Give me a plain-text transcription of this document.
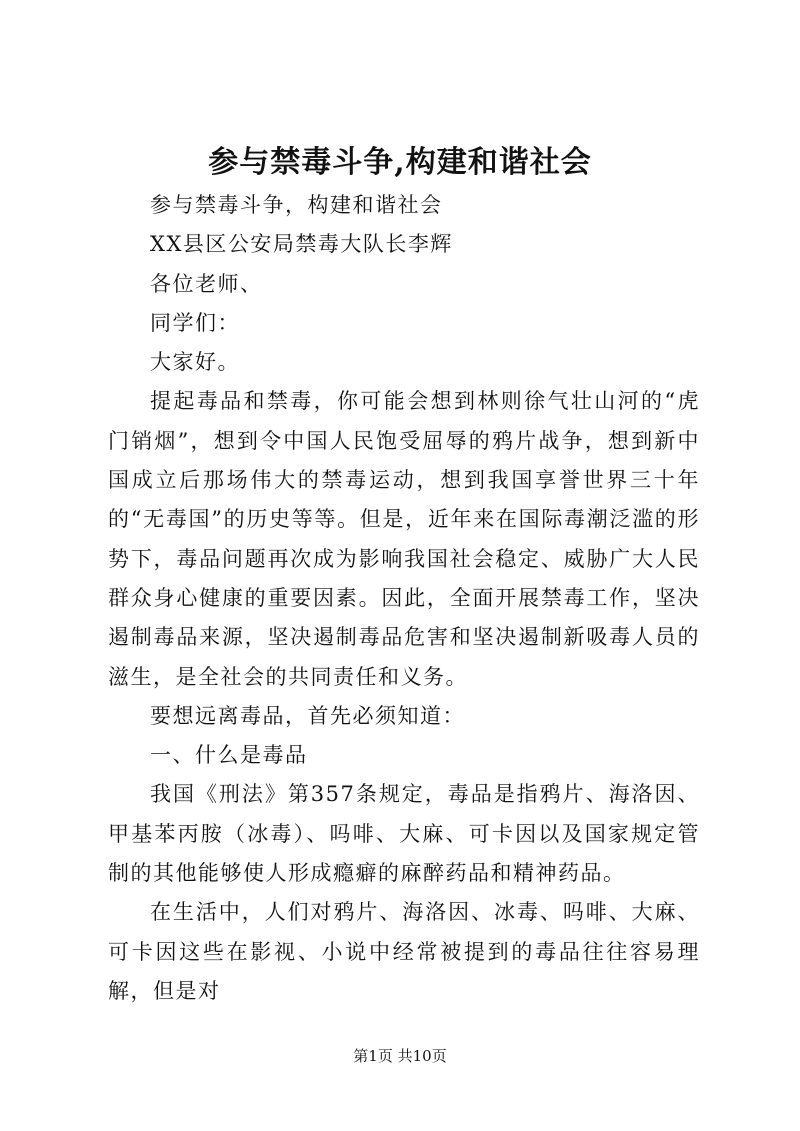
参与禁毒斗争,构建和谐社会

参与禁毒斗争，构建和谐社会

XX县区公安局禁毒大队长李辉

各位老师、

同学们：

大家好。

提起毒品和禁毒，你可能会想到林则徐气壮山河的“虎门销烟”，想到令中国人民饱受屈辱的鸦片战争，想到新中国成立后那场伟大的禁毒运动，想到我国享誉世界三十年的“无毒国”的历史等等。但是，近年来在国际毒潮泛滥的形势下，毒品问题再次成为影响我国社会稳定、威胁广大人民群众身心健康的重要因素。因此，全面开展禁毒工作，坚决遏制毒品来源，坚决遏制毒品危害和坚决遏制新吸毒人员的滋生，是全社会的共同责任和义务。

要想远离毒品，首先必须知道：

一、什么是毒品

我国《刑法》第357条规定，毒品是指鸦片、海洛因、甲基苯丙胺（冰毒）、吗啡、大麻、可卡因以及国家规定管制的其他能够使人形成瘾癖的麻醉药品和精神药品。

在生活中，人们对鸦片、海洛因、冰毒、吗啡、大麻、可卡因这些在影视、小说中经常被提到的毒品往往容易理解，但是对

第1页 共10页
